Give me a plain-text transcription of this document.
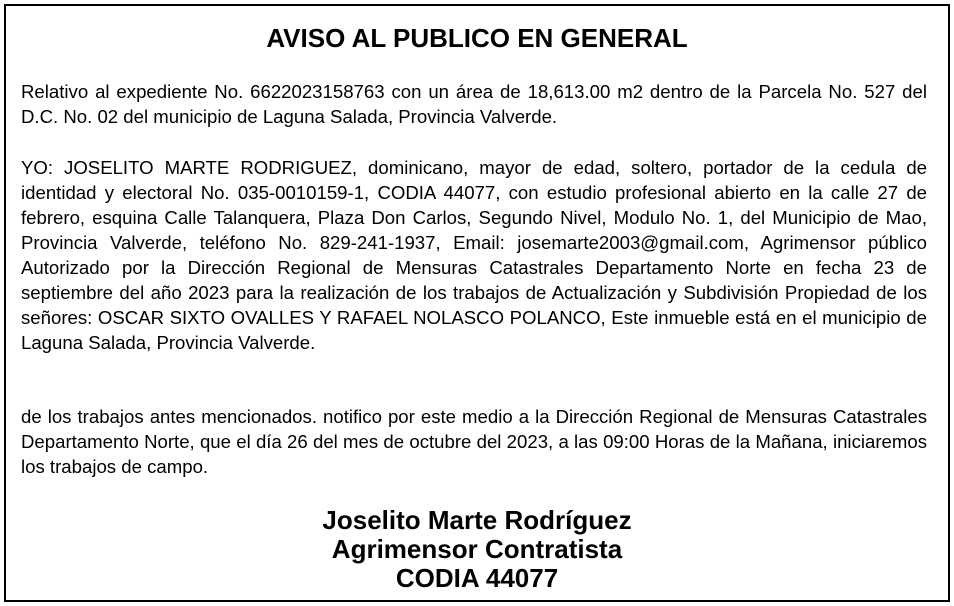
AVISO AL PUBLICO EN GENERAL

Relativo al expediente No. 6622023158763 con un área de 18,613.00 m2 dentro de la Parcela No. 527 del D.C. No. 02 del municipio de Laguna Salada, Provincia Valverde.

YO: JOSELITO MARTE RODRIGUEZ, dominicano, mayor de edad, soltero, portador de la cedula de identidad y electoral No. 035-0010159-1, CODIA 44077, con estudio profesional abierto en la calle 27 de febrero, esquina Calle Talanquera, Plaza Don Carlos, Segundo Nivel, Modulo No. 1, del Municipio de Mao, Provincia Valverde, teléfono No. 829-241-1937, Email: josemarte2003@gmail.com, Agrimensor público Autorizado por la Dirección Regional de Mensuras Catastrales Departamento Norte en fecha 23 de septiembre del año 2023 para la realización de los trabajos de Actualización y Subdivisión Propiedad de los señores: OSCAR SIXTO OVALLES Y RAFAEL NOLASCO POLANCO, Este inmueble está en el municipio de Laguna Salada, Provincia Valverde.

de los trabajos antes mencionados. notifico por este medio a la Dirección Regional de Mensuras Catastrales Departamento Norte, que el día 26 del mes de octubre del 2023, a las 09:00 Horas de la Mañana, iniciaremos los trabajos de campo.

Joselito Marte Rodríguez
Agrimensor Contratista
CODIA 44077
